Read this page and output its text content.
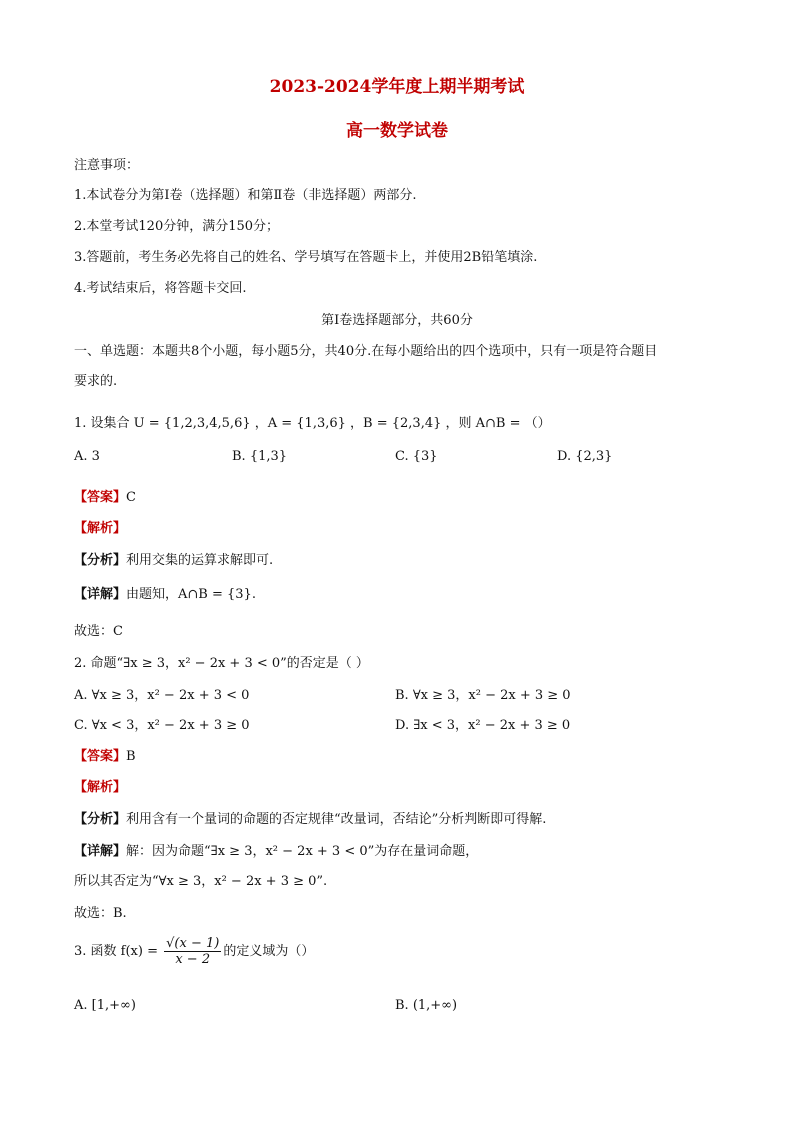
2023-2024学年度上期半期考试
高一数学试卷
注意事项：
1.本试卷分为第Ⅰ卷（选择题）和第Ⅱ卷（非选择题）两部分.
2.本堂考试120分钟，满分150分；
3.答题前，考生务必先将自己的姓名、学号填写在答题卡上，并使用2B铅笔填涂.
4.考试结束后，将答题卡交回.
第Ⅰ卷选择题部分，共60分
一、单选题：本题共8个小题，每小题5分，共40分.在每小题给出的四个选项中，只有一项是符合题目
要求的.
1. 设集合 U = {1,2,3,4,5,6} ，A = {1,3,6} ，B = {2,3,4} ，则 A∩B = （）
A. 3	B. {1,3}	C. {3}	D. {2,3}
【答案】C
【解析】
【分析】利用交集的运算求解即可.
【详解】由题知，A∩B = {3}.
故选：C
2. 命题“∃x ≥ 3，x² − 2x + 3 < 0”的否定是（ ）
A. ∀x ≥ 3，x² − 2x + 3 < 0	B. ∀x ≥ 3，x² − 2x + 3 ≥ 0
C. ∀x < 3，x² − 2x + 3 ≥ 0	D. ∃x < 3，x² − 2x + 3 ≥ 0
【答案】B
【解析】
【分析】利用含有一个量词的命题的否定规律“改量词，否结论”分析判断即可得解.
【详解】解：因为命题“∃x ≥ 3，x² − 2x + 3 < 0”为存在量词命题，
所以其否定为“∀x ≥ 3，x² − 2x + 3 ≥ 0”.
故选：B.
3. 函数 $f(x) = \frac{√(x - 1)}{x - 2}$ 的定义域为（）
A. [1,+∞)	B. (1,+∞)
